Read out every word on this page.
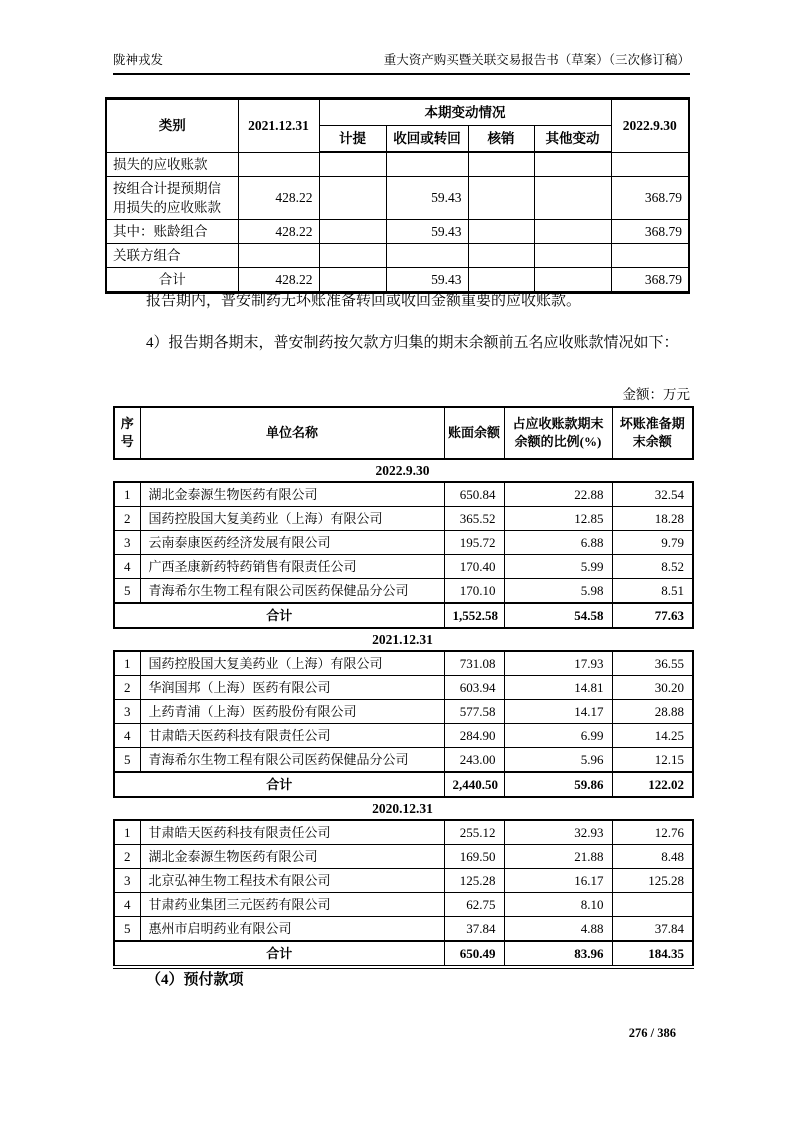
陇神戎发	重大资产购买暨关联交易报告书（草案）（三次修订稿）
类别	2021.12.31	本期变动情况				2022.9.30
		计提	收回或转回	核销	其他变动	
损失的应收账款						
按组合计提预期信用损失的应收账款	428.22		59.43			368.79
其中：账龄组合	428.22		59.43			368.79
关联方组合						
合计	428.22		59.43			368.79

报告期内，普安制药无坏账准备转回或收回金额重要的应收账款。

4）报告期各期末，普安制药按欠款方归集的期末余额前五名应收账款情况如下：

金额：万元
序号	单位名称	账面余额	占应收账款期末余额的比例(%)	坏账准备期末余额
2022.9.30
1	湖北金泰源生物医药有限公司	650.84	22.88	32.54
2	国药控股国大复美药业（上海）有限公司	365.52	12.85	18.28
3	云南泰康医药经济发展有限公司	195.72	6.88	9.79
4	广西圣康新药特药销售有限责任公司	170.40	5.99	8.52
5	青海希尔生物工程有限公司医药保健品分公司	170.10	5.98	8.51
合计		1,552.58	54.58	77.63
2021.12.31
1	国药控股国大复美药业（上海）有限公司	731.08	17.93	36.55
2	华润国邦（上海）医药有限公司	603.94	14.81	30.20
3	上药青浦（上海）医药股份有限公司	577.58	14.17	28.88
4	甘肃皓天医药科技有限责任公司	284.90	6.99	14.25
5	青海希尔生物工程有限公司医药保健品分公司	243.00	5.96	12.15
合计		2,440.50	59.86	122.02
2020.12.31
1	甘肃皓天医药科技有限责任公司	255.12	32.93	12.76
2	湖北金泰源生物医药有限公司	169.50	21.88	8.48
3	北京弘神生物工程技术有限公司	125.28	16.17	125.28
4	甘肃药业集团三元医药有限公司	62.75	8.10	
5	惠州市启明药业有限公司	37.84	4.88	37.84
合计		650.49	83.96	184.35

（4）预付款项

276 / 386
